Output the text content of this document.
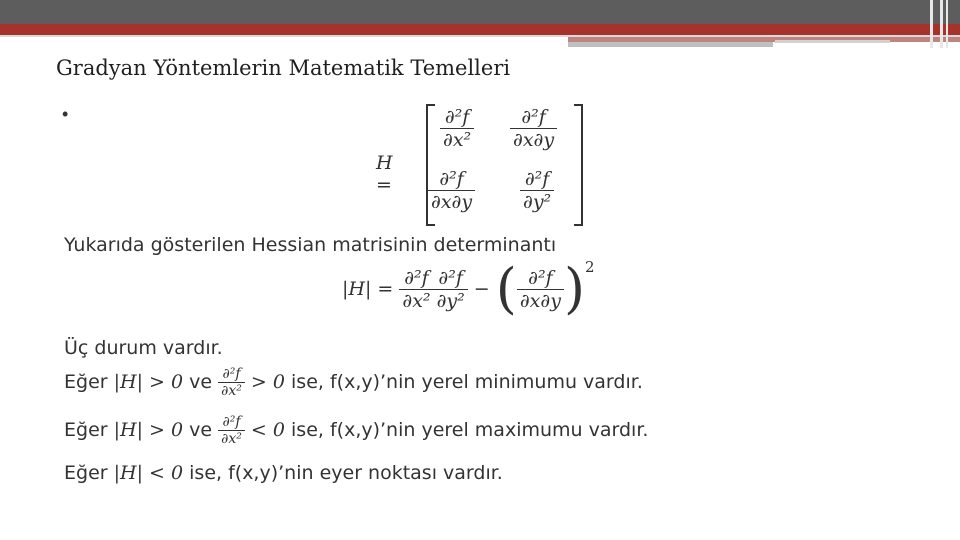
Gradyan Yöntemlerin Matematik Temelleri
•
H =
$\frac{\text{∂²f}}{\text{∂x²}} \frac{\text{∂²f}}{\partial x\partial y}$
$\frac{\text{∂²f}}{\partial x\partial y} \frac{\text{∂²f}}{\text{∂y²}}$
Yukarıda gösterilen Hessian matrisinin determinantı
$|H| = \frac{\text{∂²f}}{\text{∂x²}} \frac{\text{∂²f}}{\text{∂y²}}$ − ( $\frac{\text{∂²f}}{\partial x\partial y} )^2$
Üç durum vardır.
Eğer |H| > 0 ve $\frac{\text{∂²f}}{\text{∂x²}} > 0$ ise, f(x,y)’nin yerel minimumu vardır.
Eğer |H| > 0 ve $\frac{\text{∂²f}}{\text{∂x²}} < 0$ ise, f(x,y)’nin yerel maximumu vardır.
Eğer |H| < 0 ise, f(x,y)’nin eyer noktası vardır.
